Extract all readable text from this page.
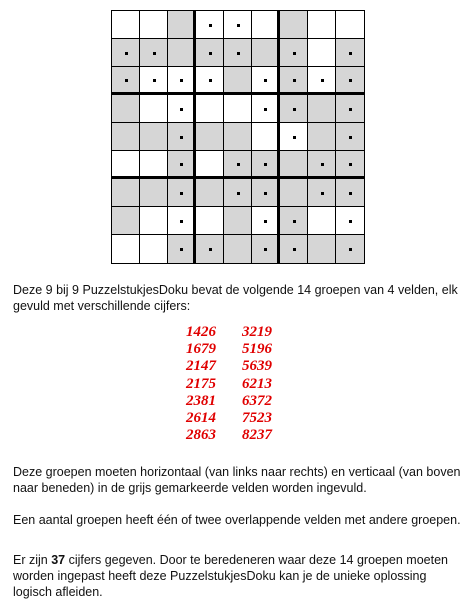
Deze 9 bij 9 PuzzelstukjesDoku bevat de volgende 14 groepen van 4 velden, elk gevuld met verschillende cijfers:
1426	3219
1679	5196
2147	5639
2175	6213
2381	6372
2614	7523
2863	8237
Deze groepen moeten horizontaal (van links naar rechts) en verticaal (van boven naar beneden) in de grijs gemarkeerde velden worden ingevuld.
Een aantal groepen heeft één of twee overlappende velden met andere groepen.
Er zijn 37 cijfers gegeven. Door te beredeneren waar deze 14 groepen moeten worden ingepast heeft deze PuzzelstukjesDoku kan je de unieke oplossing logisch afleiden.
